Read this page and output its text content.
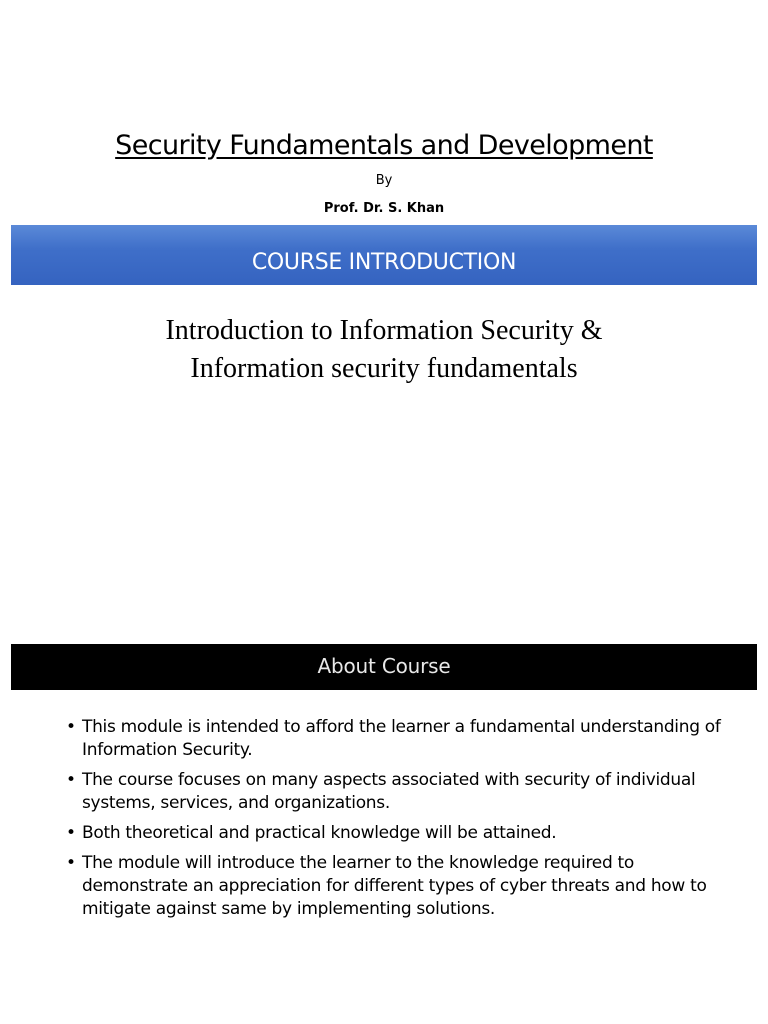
Security Fundamentals and Development
By
Prof. Dr. S. Khan
COURSE INTRODUCTION
Introduction to Information Security &
Information security fundamentals
About Course
• This module is intended to afford the learner a fundamental understanding of Information Security.
• The course focuses on many aspects associated with security of individual systems, services, and organizations.
• Both theoretical and practical knowledge will be attained.
• The module will introduce the learner to the knowledge required to demonstrate an appreciation for different types of cyber threats and how to mitigate against same by implementing solutions.
